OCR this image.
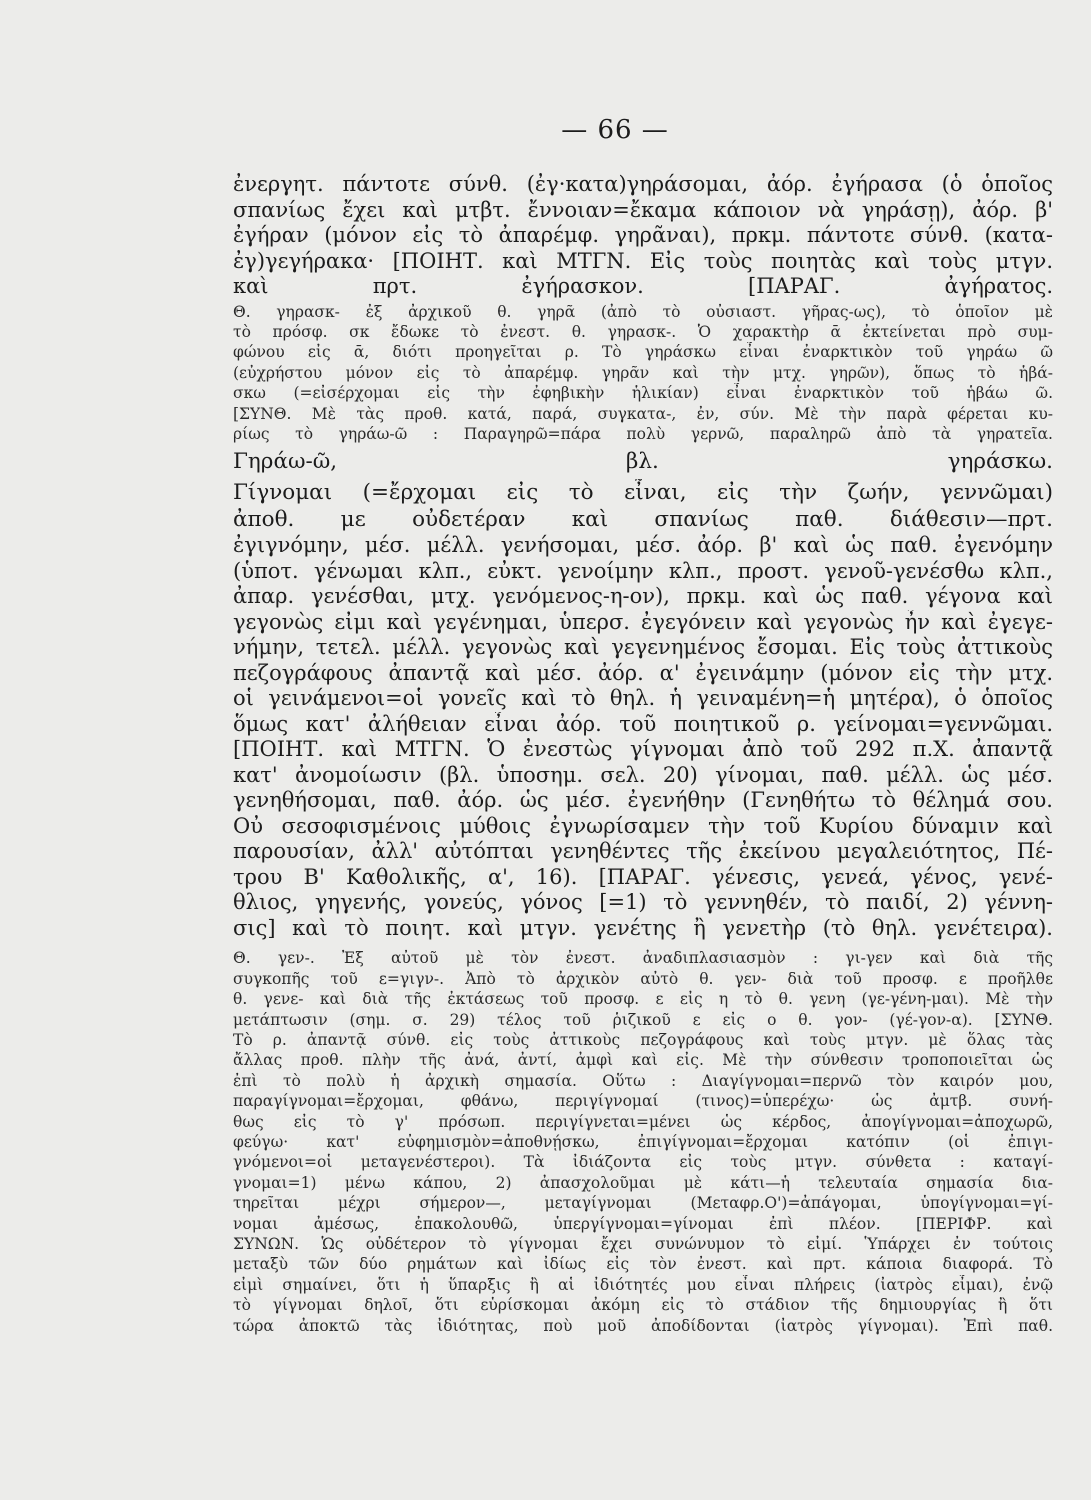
— 66 —
ἐνεργητ. πάντοτε σύνθ. (ἐγ·κατα)γηράσομαι, ἀόρ. ἐγήρασα (ὁ ὁποῖος
σπανίως ἔχει καὶ μτβτ. ἔννοιαν=ἔκαμα κάποιον νὰ γηράσῃ), ἀόρ. β'
ἐγήραν (μόνον εἰς τὸ ἀπαρέμφ. γηρᾶναι), πρκμ. πάντοτε σύνθ. (κατα-
ἐγ)γεγήρακα· [ΠΟΙΗΤ. καὶ ΜΤΓΝ. Εἰς τοὺς ποιητὰς καὶ τοὺς μτγν.
καὶ πρτ. ἐγήρασκον. [ΠΑΡΑΓ. ἀγήρατος.
Θ. γηρασκ- ἐξ ἀρχικοῦ θ. γηρᾶ (ἀπὸ τὸ οὐσιαστ. γῆρας-ως), τὸ ὁποῖον μὲ
τὸ πρόσφ. σκ ἔδωκε τὸ ἐνεστ. θ. γηρασκ-. Ὁ χαρακτὴρ ᾱ ἐκτείνεται πρὸ συμ-
φώνου εἰς ᾱ, διότι προηγεῖται ρ. Τὸ γηράσκω εἶναι ἐναρκτικὸν τοῦ γηράω ῶ
(εὐχρήστου μόνον εἰς τὸ ἀπαρέμφ. γηρᾶν καὶ τὴν μτχ. γηρῶν), ὅπως τὸ ἡβά-
σκω (=εἰσέρχομαι εἰς τὴν ἐφηβικὴν ἡλικίαν) εἶναι ἐναρκτικὸν τοῦ ἡβάω ῶ.
[ΣΥΝΘ. Μὲ τὰς προθ. κατά, παρά, συγκατα-, ἐν, σύν. Μὲ τὴν παρὰ φέρεται κυ-
ρίως τὸ γηράω-ῶ : Παραγηρῶ=πάρα πολὺ γερνῶ, παραληρῶ ἀπὸ τὰ γηρατεῖα.
Γηράω-ῶ, βλ. γηράσκω.
Γίγνομαι (=ἔρχομαι εἰς τὸ εἶναι, εἰς τὴν ζωήν, γεννῶμαι)
ἀποθ. με οὐδετέραν καὶ σπανίως παθ. διάθεσιν—πρτ.
ἐγιγνόμην, μέσ. μέλλ. γενήσομαι, μέσ. ἀόρ. β' καὶ ὡς παθ. ἐγενόμην
(ὑποτ. γένωμαι κλπ., εὐκτ. γενοίμην κλπ., προστ. γενοῦ-γενέσθω κλπ.,
ἀπαρ. γενέσθαι, μτχ. γενόμενος-η-ον), πρκμ. καὶ ὡς παθ. γέγονα καὶ
γεγονὼς εἰμι καὶ γεγένημαι, ὑπερσ. ἐγεγόνειν καὶ γεγονὼς ἦν καὶ ἐγεγε-
νήμην, τετελ. μέλλ. γεγονὼς καὶ γεγενημένος ἔσομαι. Εἰς τοὺς ἀττικοὺς
πεζογράφους ἀπαντᾷ καὶ μέσ. ἀόρ. α' ἐγεινάμην (μόνον εἰς τὴν μτχ.
οἱ γεινάμενοι=οἱ γονεῖς καὶ τὸ θηλ. ἡ γειναμένη=ἡ μητέρα), ὁ ὁποῖος
ὅμως κατ' ἀλήθειαν εἶναι ἀόρ. τοῦ ποιητικοῦ ρ. γείνομαι=γεννῶμαι.
[ΠΟΙΗΤ. καὶ ΜΤΓΝ. Ὁ ἐνεστὼς γίγνομαι ἀπὸ τοῦ 292 π.Χ. ἀπαντᾷ
κατ' ἀνομοίωσιν (βλ. ὑποσημ. σελ. 20) γίνομαι, παθ. μέλλ. ὡς μέσ.
γενηθήσομαι, παθ. ἀόρ. ὡς μέσ. ἐγενήθην (Γενηθήτω τὸ θέλημά σου.
Οὐ σεσοφισμένοις μύθοις ἐγνωρίσαμεν τὴν τοῦ Κυρίου δύναμιν καὶ
παρουσίαν, ἀλλ' αὐτόπται γενηθέντες τῆς ἐκείνου μεγαλειότητος, Πέ-
τρου Β' Καθολικῆς, α', 16). [ΠΑΡΑΓ. γένεσις, γενεά, γένος, γενέ-
θλιος, γηγενής, γονεύς, γόνος [=1) τὸ γεννηθέν, τὸ παιδί, 2) γέννη-
σις] καὶ τὸ ποιητ. καὶ μτγν. γενέτης ἢ γενετὴρ (τὸ θηλ. γενέτειρα).
Θ. γεν-. Ἐξ αὐτοῦ μὲ τὸν ἐνεστ. ἀναδιπλασιασμὸν : γι-γεν καὶ διὰ τῆς
συγκοπῆς τοῦ ε=γιγν-. Ἀπὸ τὸ ἀρχικὸν αὐτὸ θ. γεν- διὰ τοῦ προσφ. ε προῆλθε
θ. γενε- καὶ διὰ τῆς ἐκτάσεως τοῦ προσφ. ε εἰς η τὸ θ. γενη (γε-γένη-μαι). Μὲ τὴν
μετάπτωσιν (σημ. σ. 29) τέλος τοῦ ῥιζικοῦ ε εἰς ο θ. γον- (γέ-γον-α). [ΣΥΝΘ.
Τὸ ρ. ἀπαντᾷ σύνθ. εἰς τοὺς ἀττικοὺς πεζογράφους καὶ τοὺς μτγν. μὲ ὅλας τὰς
ἄλλας προθ. πλὴν τῆς ἀνά, ἀντί, ἀμφὶ καὶ εἰς. Μὲ τὴν σύνθεσιν τροποποιεῖται ὡς
ἐπὶ τὸ πολὺ ἡ ἀρχικὴ σημασία. Οὕτω : Διαγίγνομαι=περνῶ τὸν καιρόν μου,
παραγίγνομαι=ἔρχομαι, φθάνω, περιγίγνομαί (τινος)=ὑπερέχω· ὡς ἀμτβ. συνή-
θως εἰς τὸ γ' πρόσωπ. περιγίγνεται=μένει ὡς κέρδος, ἀπογίγνομαι=ἀποχωρῶ,
φεύγω· κατ' εὐφημισμὸν=ἀποθνῄσκω, ἐπιγίγνομαι=ἔρχομαι κατόπιν (οἱ ἐπιγι-
γνόμενοι=οἱ μεταγενέστεροι). Τὰ ἰδιάζοντα εἰς τοὺς μτγν. σύνθετα : καταγί-
γνομαι=1) μένω κάπου, 2) ἀπασχολοῦμαι μὲ κάτι—ἡ τελευταία σημασία δια-
τηρεῖται μέχρι σήμερον—, μεταγίγνομαι (Μεταφρ.Ο')=ἀπάγομαι, ὑπογίγνομαι=γί-
νομαι ἀμέσως, ἐπακολουθῶ, ὑπεργίγνομαι=γίνομαι ἐπὶ πλέον. [ΠΕΡΙΦΡ. καὶ
ΣΥΝΩΝ. Ὡς οὐδέτερον τὸ γίγνομαι ἔχει συνώνυμον τὸ εἰμί. Ὑπάρχει ἐν τούτοις
μεταξὺ τῶν δύο ρημάτων καὶ ἰδίως εἰς τὸν ἐνεστ. καὶ πρτ. κάποια διαφορά. Τὸ
εἰμὶ σημαίνει, ὅτι ἡ ὕπαρξις ἢ αἱ ἰδιότητές μου εἶναι πλήρεις (ἰατρὸς εἶμαι), ἐνῷ
τὸ γίγνομαι δηλοῖ, ὅτι εὑρίσκομαι ἀκόμη εἰς τὸ στάδιον τῆς δημιουργίας ἢ ὅτι
τώρα ἀποκτῶ τὰς ἰδιότητας, ποὺ μοῦ ἀποδίδονται (ἰατρὸς γίγνομαι). Ἐπὶ παθ.
